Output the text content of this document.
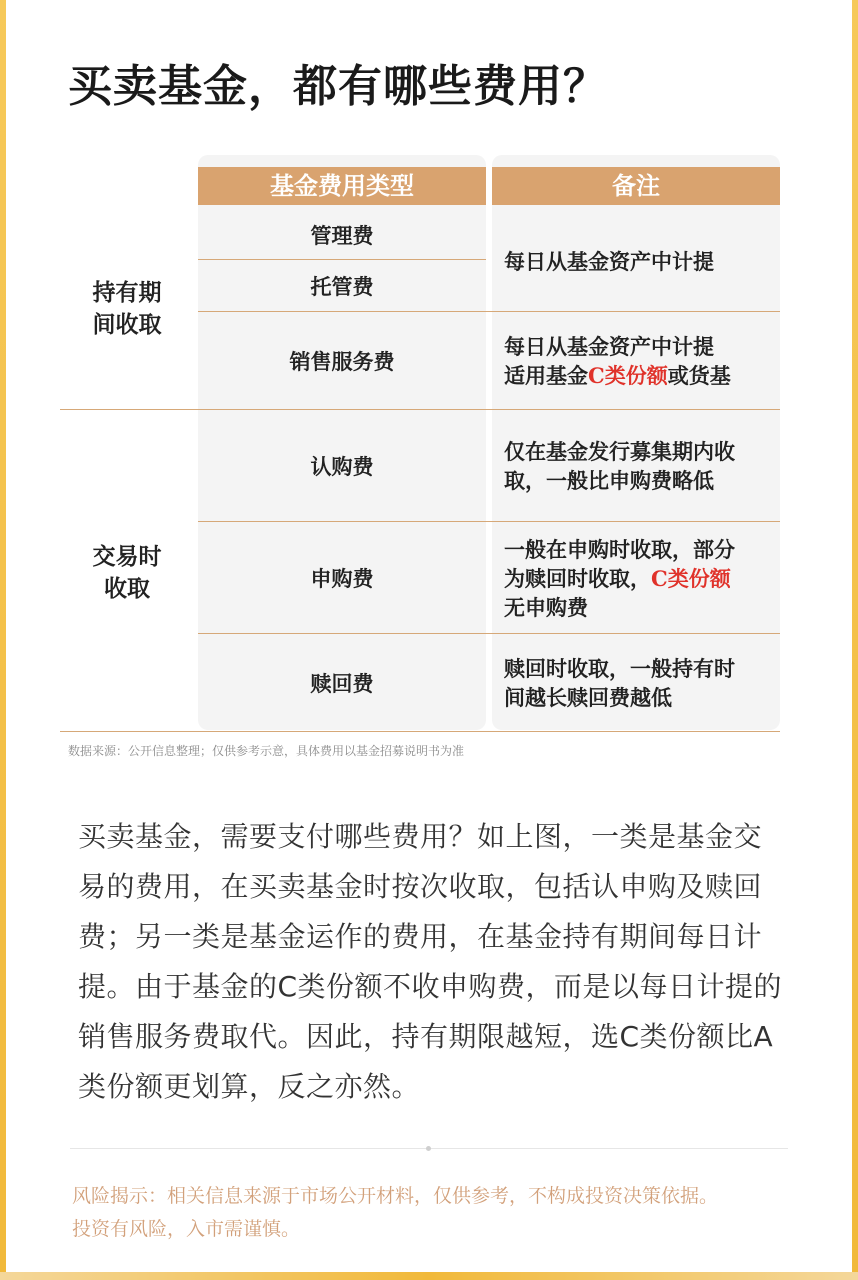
买卖基金，都有哪些费用？
基金费用类型	备注
持有期
间收取
交易时
收取
管理费
托管费
销售服务费
认购费
申购费
赎回费
每日从基金资产中计提
每日从基金资产中计提
适用基金C类份额或货基
仅在基金发行募集期内收
取，一般比申购费略低
一般在申购时收取，部分
为赎回时收取，C类份额
无申购费
赎回时收取，一般持有时
间越长赎回费越低
数据来源：公开信息整理；仅供参考示意，具体费用以基金招募说明书为准
买卖基金，需要支付哪些费用？如上图，一类是基金交易的费用，在买卖基金时按次收取，包括认申购及赎回费；另一类是基金运作的费用，在基金持有期间每日计提。由于基金的C类份额不收申购费，而是以每日计提的销售服务费取代。因此，持有期限越短，选C类份额比A类份额更划算，反之亦然。
风险揭示：相关信息来源于市场公开材料，仅供参考，不构成投资决策依据。投资有风险，入市需谨慎。
